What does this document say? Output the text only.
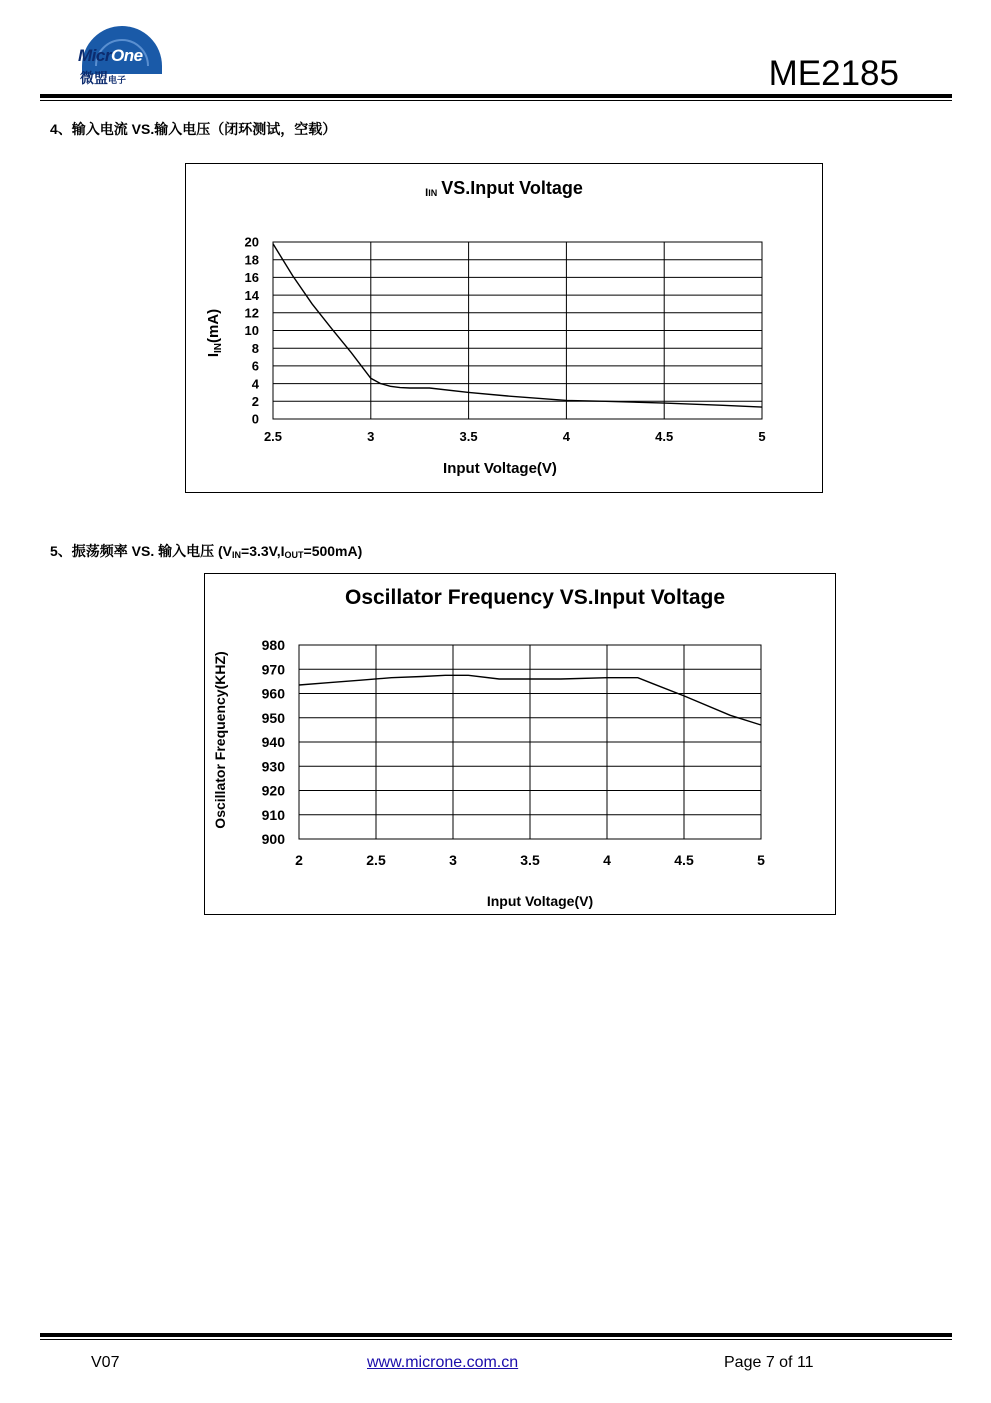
MicrOne
微盟电子	ME2185
4、输入电流 VS.输入电压（闭环测试，空载）
0
2
4
6
8
10
12
14
16
18
20
2.5	3	3.5	4	4.5	5
IIN VS.Input Voltage
Input Voltage(V)
$I_{IN}(mA)$
5、振荡频率 VS. 输入电压 $(V_{IN}=3.3V,I_{OUT}=500mA)$
900
910
920
930
940
950
960
970
980
2	2.5	3	3.5	4	4.5	5
Oscillator Frequency VS.Input Voltage
Input Voltage(V)
Oscillator Frequency(KHZ)
V07	www.microne.com.cn	Page 7 of 11
